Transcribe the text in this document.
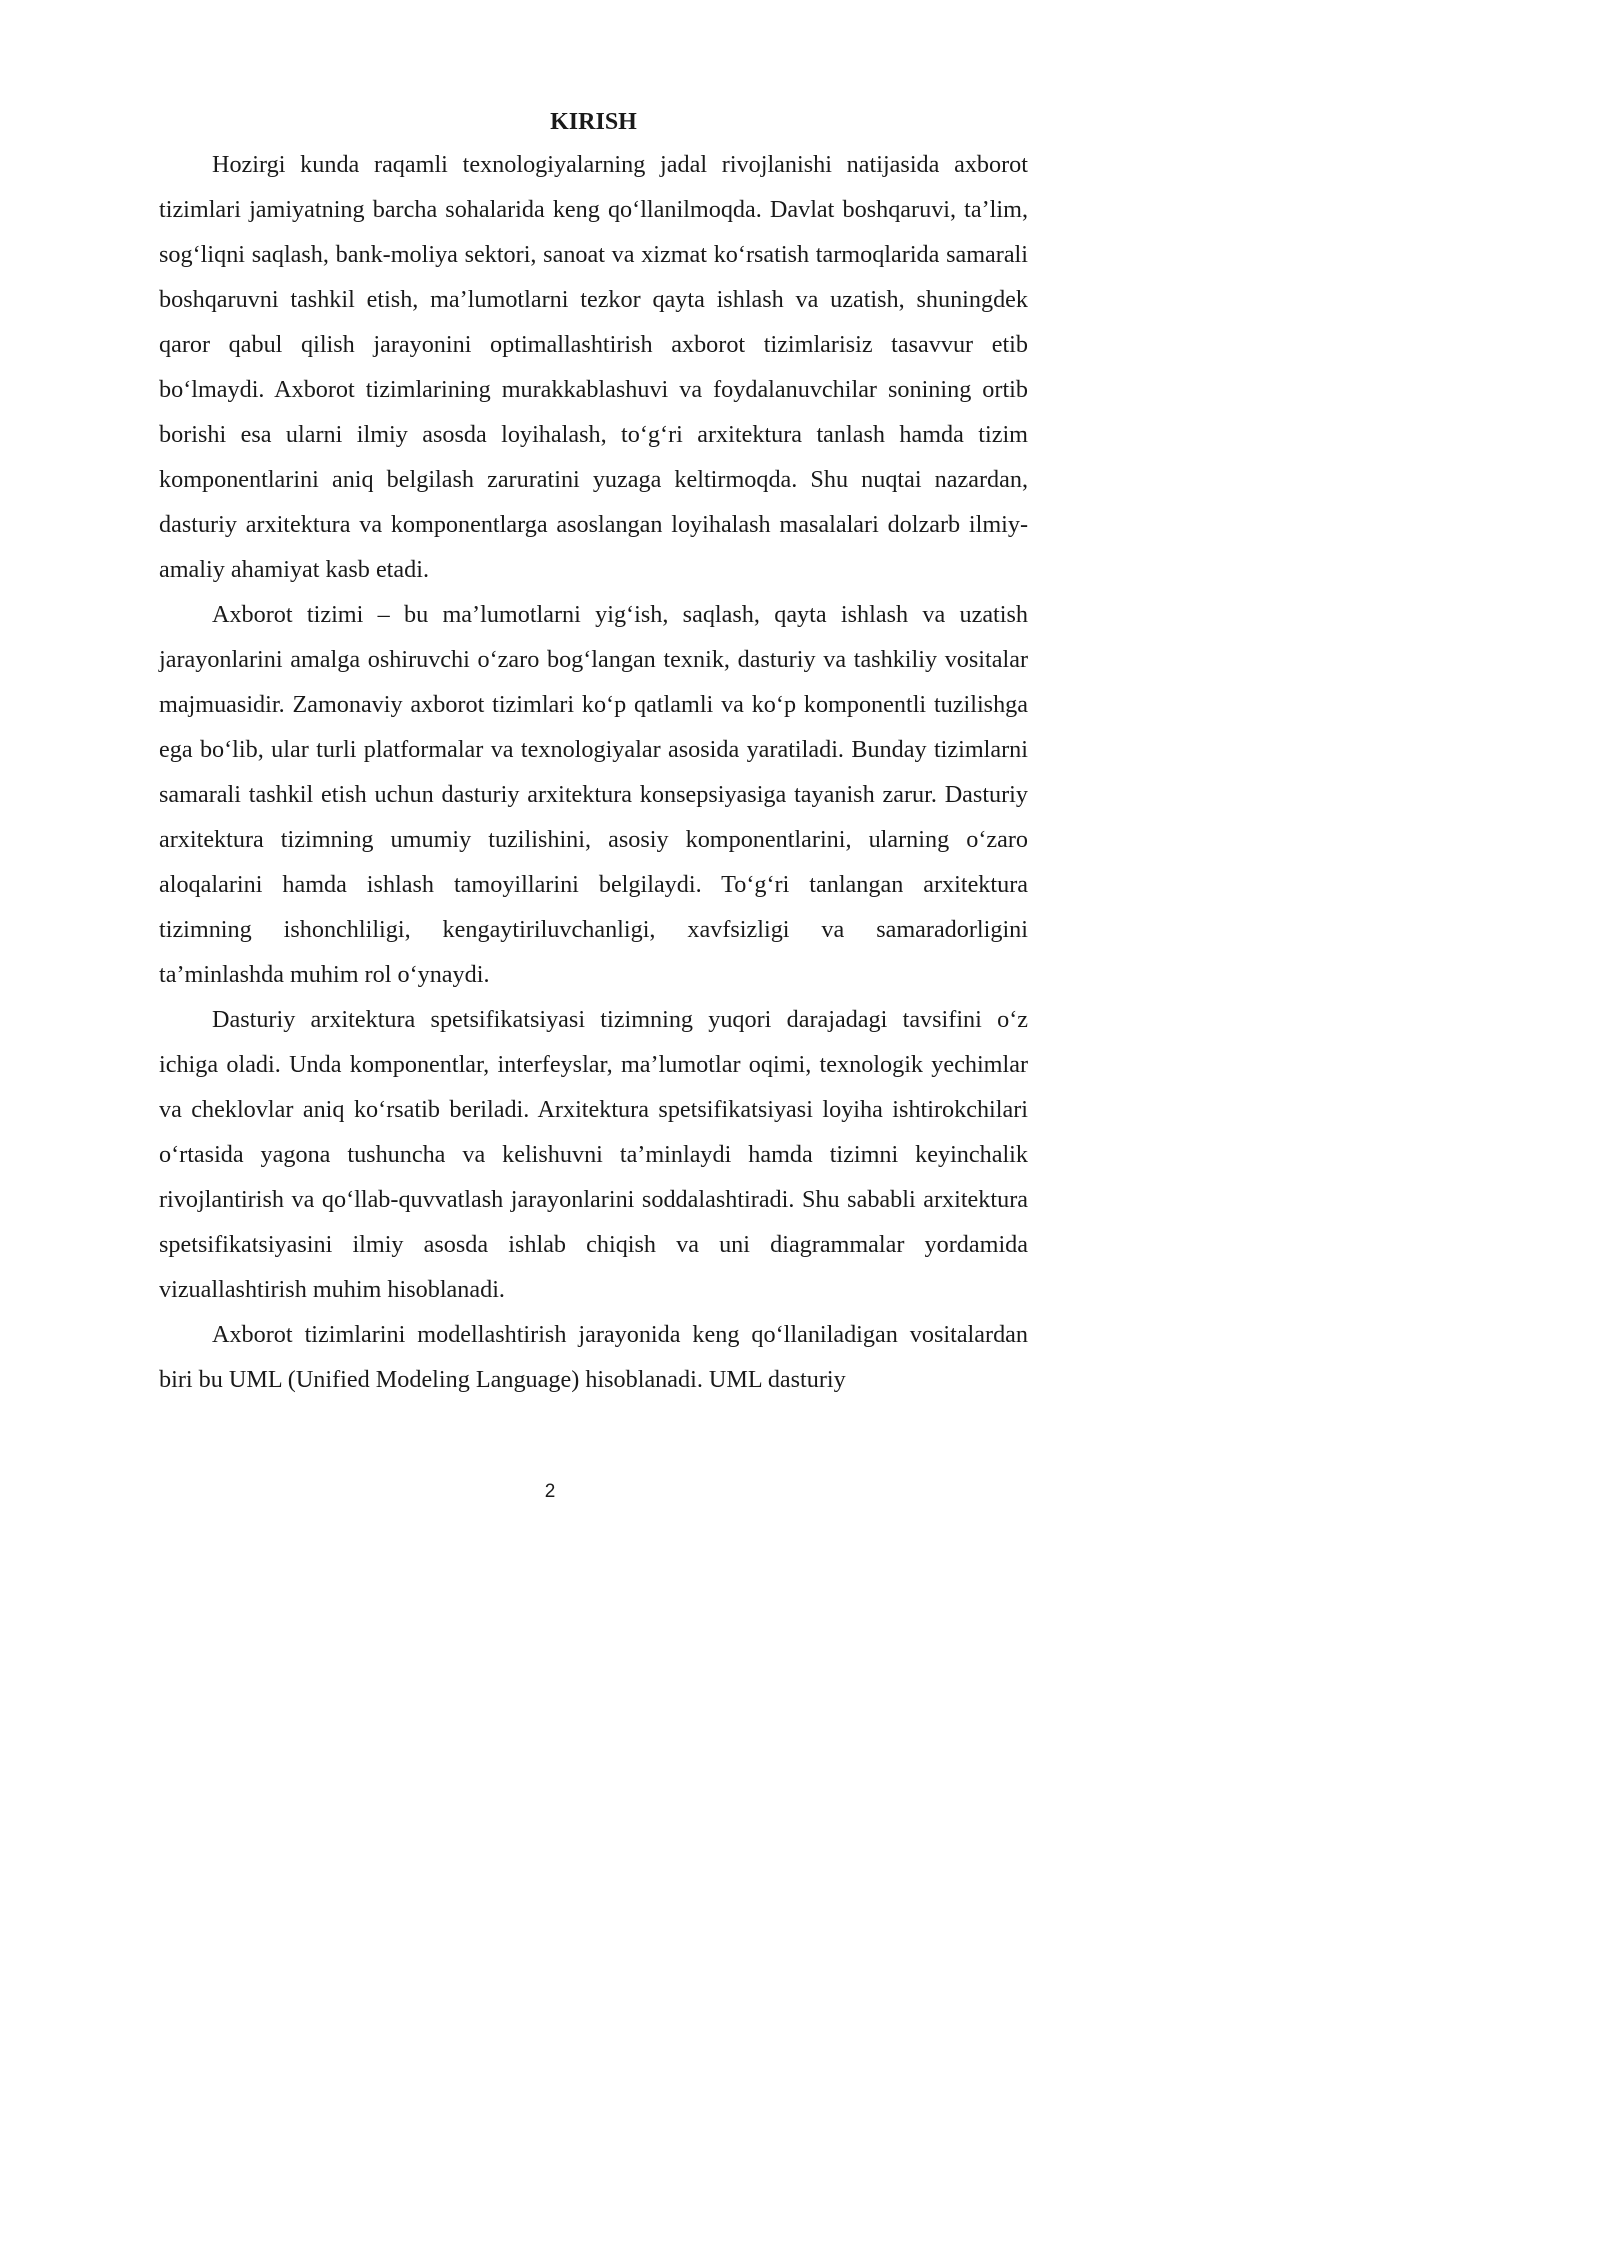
KIRISH

Hozirgi kunda raqamli texnologiyalarning jadal rivojlanishi natijasida axborot tizimlari jamiyatning barcha sohalarida keng qo‘llanilmoqda. Davlat boshqaruvi, ta’lim, sog‘liqni saqlash, bank-moliya sektori, sanoat va xizmat ko‘rsatish tarmoqlarida samarali boshqaruvni tashkil etish, ma’lumotlarni tezkor qayta ishlash va uzatish, shuningdek qaror qabul qilish jarayonini optimallashtirish axborot tizimlarisiz tasavvur etib bo‘lmaydi. Axborot tizimlarining murakkablashuvi va foydalanuvchilar sonining ortib borishi esa ularni ilmiy asosda loyihalash, to‘g‘ri arxitektura tanlash hamda tizim komponentlarini aniq belgilash zaruratini yuzaga keltirmoqda. Shu nuqtai nazardan, dasturiy arxitektura va komponentlarga asoslangan loyihalash masalalari dolzarb ilmiy-amaliy ahamiyat kasb etadi.

Axborot tizimi – bu ma’lumotlarni yig‘ish, saqlash, qayta ishlash va uzatish jarayonlarini amalga oshiruvchi o‘zaro bog‘langan texnik, dasturiy va tashkiliy vositalar majmuasidir. Zamonaviy axborot tizimlari ko‘p qatlamli va ko‘p komponentli tuzilishga ega bo‘lib, ular turli platformalar va texnologiyalar asosida yaratiladi. Bunday tizimlarni samarali tashkil etish uchun dasturiy arxitektura konsepsiyasiga tayanish zarur. Dasturiy arxitektura tizimning umumiy tuzilishini, asosiy komponentlarini, ularning o‘zaro aloqalarini hamda ishlash tamoyillarini belgilaydi. To‘g‘ri tanlangan arxitektura tizimning ishonchliligi, kengaytiriluvchanligi, xavfsizligi va samaradorligini ta’minlashda muhim rol o‘ynaydi.

Dasturiy arxitektura spetsifikatsiyasi tizimning yuqori darajadagi tavsifini o‘z ichiga oladi. Unda komponentlar, interfeyslar, ma’lumotlar oqimi, texnologik yechimlar va cheklovlar aniq ko‘rsatib beriladi. Arxitektura spetsifikatsiyasi loyiha ishtirokchilari o‘rtasida yagona tushuncha va kelishuvni ta’minlaydi hamda tizimni keyinchalik rivojlantirish va qo‘llab-quvvatlash jarayonlarini soddalashtiradi. Shu sababli arxitektura spetsifikatsiyasini ilmiy asosda ishlab chiqish va uni diagrammalar yordamida vizuallashtirish muhim hisoblanadi.

Axborot tizimlarini modellashtirish jarayonida keng qo‘llaniladigan vositalardan biri bu UML (Unified Modeling Language) hisoblanadi. UML dasturiy

2
